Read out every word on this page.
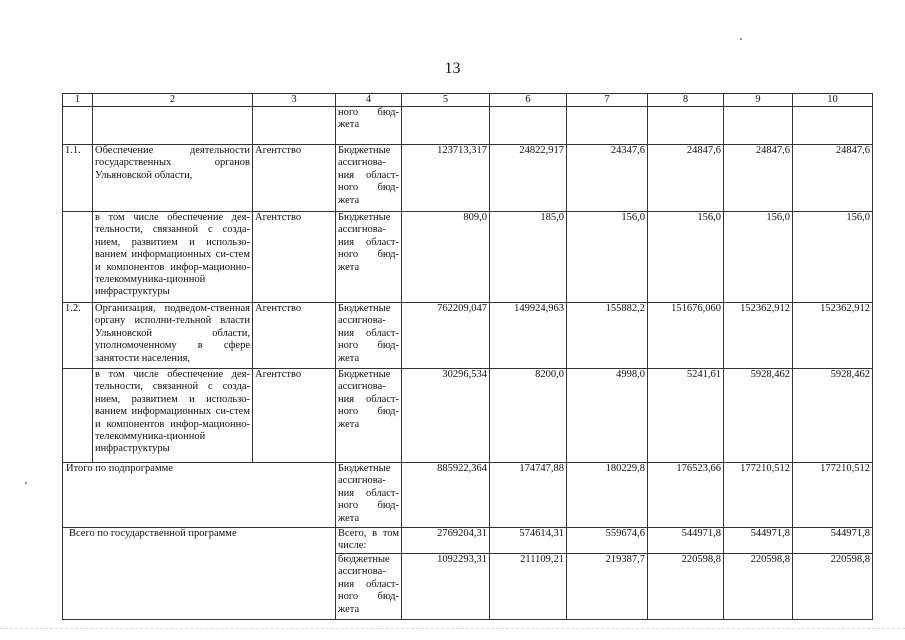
13
1	2	3	4	5	6	7	8	9	10
			ного бюд-жета						
1.1.	Обеспечение деятельности государственных органов Ульяновской области,	Агентство	Бюджетные ассигнова-ния област-ного бюд-жета	123713,317	24822,917	24347,6	24847,6	24847,6	24847,6
	в том числе обеспечение дея-тельности, связанной с созда-нием, развитием и использо-ванием информационных си-стем и компонентов инфор-мационно-телекоммуника-ционной инфраструктуры	Агентство	Бюджетные ассигнова-ния област-ного бюд-жета	809,0	185,0	156,0	156,0	156,0	156,0
1.2.	Организация, подведом-ственная органу исполни-тельной власти Ульяновской области, уполномоченному в сфере занятости населения,	Агентство	Бюджетные ассигнова-ния област-ного бюд-жета	762209,047	149924,963	155882,2	151676,060	152362,912	152362,912
	в том числе обеспечение дея-тельности, связанной с созда-нием, развитием и использо-ванием информационных си-стем и компонентов инфор-мационно-телекоммуника-ционной инфраструктуры	Агентство	Бюджетные ассигнова-ния област-ного бюд-жета	30296,534	8200,0	4998,0	5241,61	5928,462	5928,462
Итого по подпрограмме			Бюджетные ассигнова-ния област-ного бюд-жета	885922,364	174747,88	180229,8	176523,66	177210,512	177210,512
Всего по государственной программе			Всего, в том числе:	2769204,31	574614,31	559674,6	544971,8	544971,8	544971,8
			бюджетные ассигнова-ния област-ного бюд-жета	1092293,31	211109,21	219387,7	220598,8	220598,8	220598,8
